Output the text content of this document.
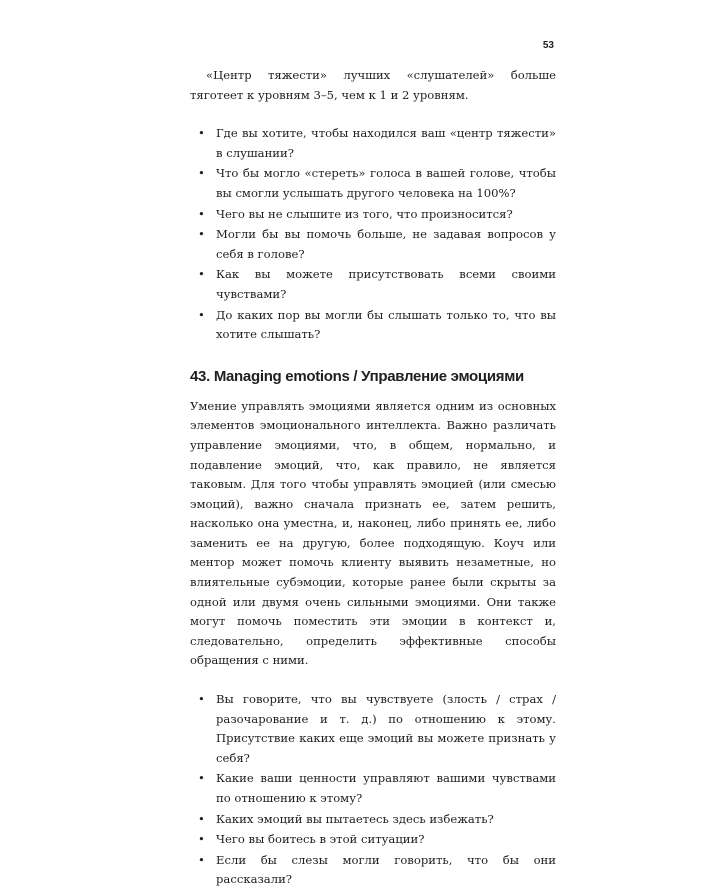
53

«Центр тяжести» лучших «слушателей» больше тяготеет к уровням 3–5, чем к 1 и 2 уровням.

• Где вы хотите, чтобы находился ваш «центр тяжести» в слушании?
• Что бы могло «стереть» голоса в вашей голове, чтобы вы смогли услышать другого человека на 100%?
• Чего вы не слышите из того, что произносится?
• Могли бы вы помочь больше, не задавая вопросов у себя в голове?
• Как вы можете присутствовать всеми своими чувствами?
• До каких пор вы могли бы слышать только то, что вы хотите слышать?
43. Managing emotions / Управление эмоциями

Умение управлять эмоциями является одним из основных элементов эмоционального интеллекта. Важно различать управление эмоциями, что, в общем, нормально, и подавление эмоций, что, как правило, не является таковым. Для того чтобы управлять эмоцией (или смесью эмоций), важно сначала признать ее, затем решить, насколько она уместна, и, наконец, либо принять ее, либо заменить ее на другую, более подходящую. Коуч или ментор может помочь клиенту выявить незаметные, но влиятельные субэмоции, которые ранее были скрыты за одной или двумя очень сильными эмоциями. Они также могут помочь поместить эти эмоции в контекст и, следовательно, определить эффективные способы обращения с ними.

• Вы говорите, что вы чувствуете (злость / страх / разочарование и т. д.) по отношению к этому. Присутствие каких еще эмоций вы можете признать у себя?
• Какие ваши ценности управляют вашими чувствами по отношению к этому?
• Каких эмоций вы пытаетесь здесь избежать?
• Чего вы боитесь в этой ситуации?
• Если бы слезы могли говорить, что бы они рассказали?
